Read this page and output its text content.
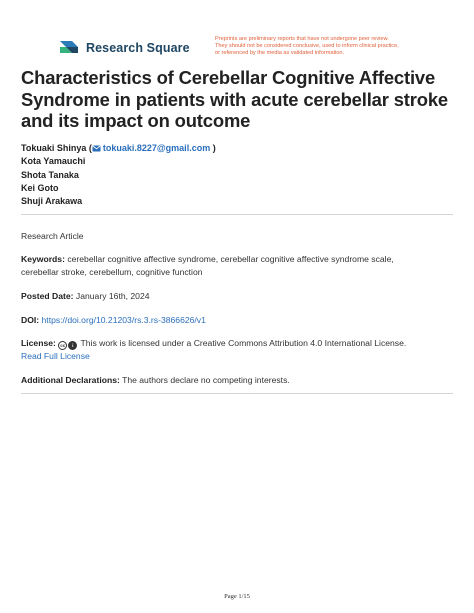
Research Square
Preprints are preliminary reports that have not undergone peer review.
They should not be considered conclusive, used to inform clinical practice,
or referenced by the media as validated information.
Characteristics of Cerebellar Cognitive Affective
Syndrome in patients with acute cerebellar stroke
and its impact on outcome
Tokuaki Shinya ( tokuaki.8227@gmail.com )
Kota Yamauchi
Shota Tanaka
Kei Goto
Shuji Arakawa
Research Article
Keywords: cerebellar cognitive affective syndrome, cerebellar cognitive affective syndrome scale,
cerebellar stroke, cerebellum, cognitive function
Posted Date: January 16th, 2024
DOI: https://doi.org/10.21203/rs.3.rs-3866626/v1
License: cc i This work is licensed under a Creative Commons Attribution 4.0 International License.
Read Full License
Additional Declarations: The authors declare no competing interests.
Page 1/15
